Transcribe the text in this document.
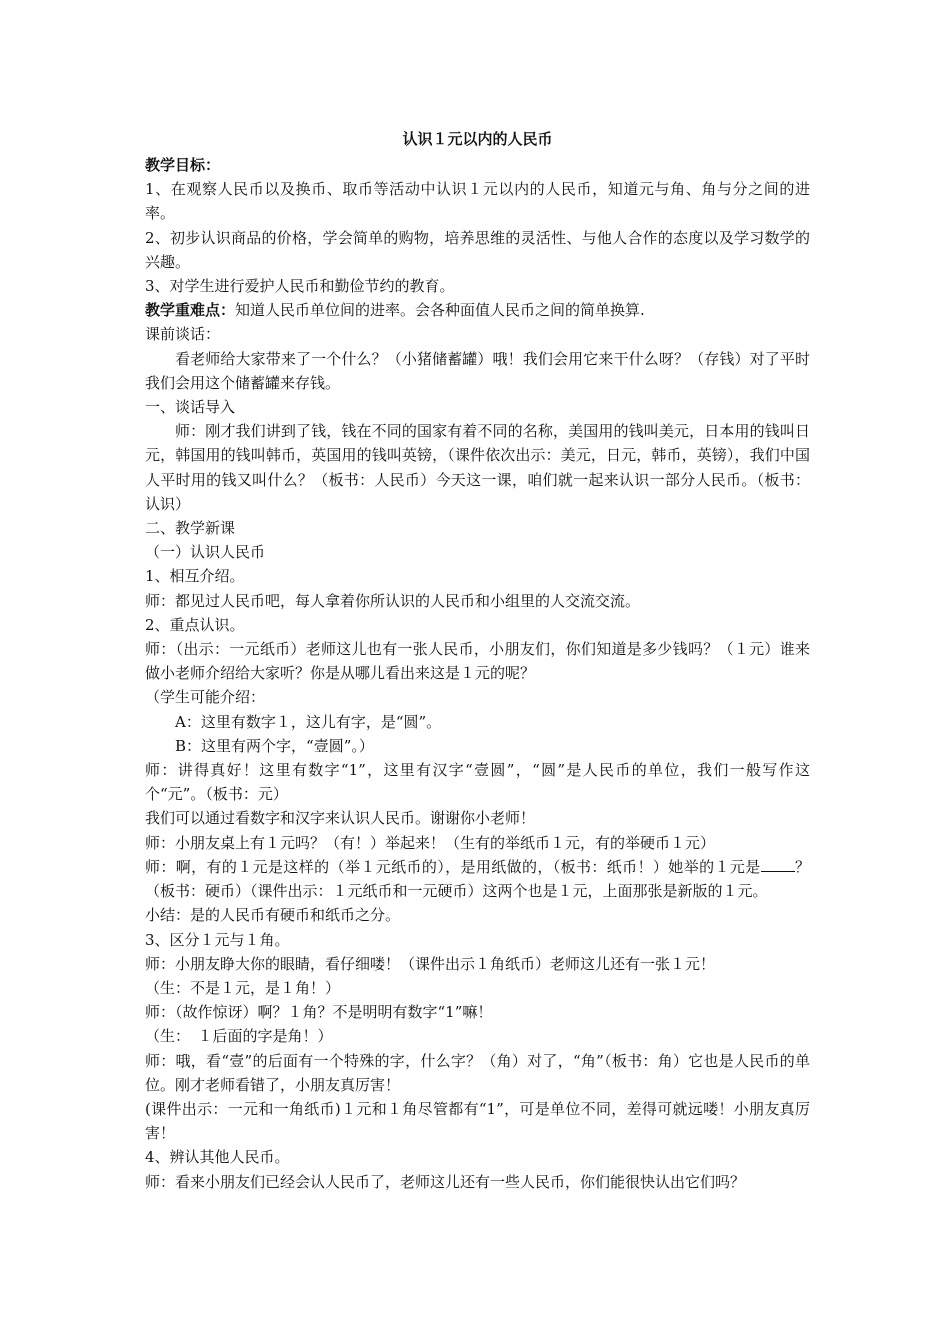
认识１元以内的人民币

教学目标：

1、在观察人民币以及换币、取币等活动中认识１元以内的人民币，知道元与角、角与分之间的进率。

2、初步认识商品的价格，学会简单的购物，培养思维的灵活性、与他人合作的态度以及学习数学的兴趣。

3、对学生进行爱护人民币和勤俭节约的教育。

教学重难点：知道人民币单位间的进率。会各种面值人民币之间的简单换算.

课前谈话：

看老师给大家带来了一个什么？（小猪储蓄罐）哦！我们会用它来干什么呀？（存钱）对了平时我们会用这个储蓄罐来存钱。

一、谈话导入

师：刚才我们讲到了钱，钱在不同的国家有着不同的名称，美国用的钱叫美元，日本用的钱叫日元，韩国用的钱叫韩币，英国用的钱叫英镑，（课件依次出示：美元，日元，韩币，英镑），我们中国人平时用的钱又叫什么？（板书：人民币）今天这一课，咱们就一起来认识一部分人民币。（板书：认识）

二、教学新课

（一）认识人民币

1、相互介绍。

师：都见过人民币吧，每人拿着你所认识的人民币和小组里的人交流交流。

2、重点认识。

师：（出示：一元纸币）老师这儿也有一张人民币，小朋友们，你们知道是多少钱吗？（１元）谁来做小老师介绍给大家听？你是从哪儿看出来这是１元的呢？

（学生可能介绍：

A：这里有数字１，这儿有字，是“圆”。

B：这里有两个字，“壹圆”。）

师：讲得真好！这里有数字“1”，这里有汉字“壹圆”，“圆”是人民币的单位，我们一般写作这个“元”。（板书：元）

我们可以通过看数字和汉字来认识人民币。谢谢你小老师！

师：小朋友桌上有１元吗？（有！）举起来！（生有的举纸币１元，有的举硬币１元）

师：啊，有的１元是这样的（举１元纸币的），是用纸做的，（板书：纸币！）她举的１元是 ？（板书：硬币）（课件出示：１元纸币和一元硬币）这两个也是１元，上面那张是新版的１元。

小结：是的人民币有硬币和纸币之分。

3、区分１元与１角。

师：小朋友睁大你的眼睛，看仔细喽！（课件出示１角纸币）老师这儿还有一张１元！

（生：不是１元，是１角！）

师：（故作惊讶）啊？１角？不是明明有数字“1”嘛！

（生：　１后面的字是角！）

师：哦，看“壹”的后面有一个特殊的字，什么字？（角）对了，“角”（板书：角）它也是人民币的单位。刚才老师看错了，小朋友真厉害！

(课件出示：一元和一角纸币)１元和１角尽管都有“1”，可是单位不同，差得可就远喽！小朋友真厉害！

4、辨认其他人民币。

师：看来小朋友们已经会认人民币了，老师这儿还有一些人民币，你们能很快认出它们吗？
